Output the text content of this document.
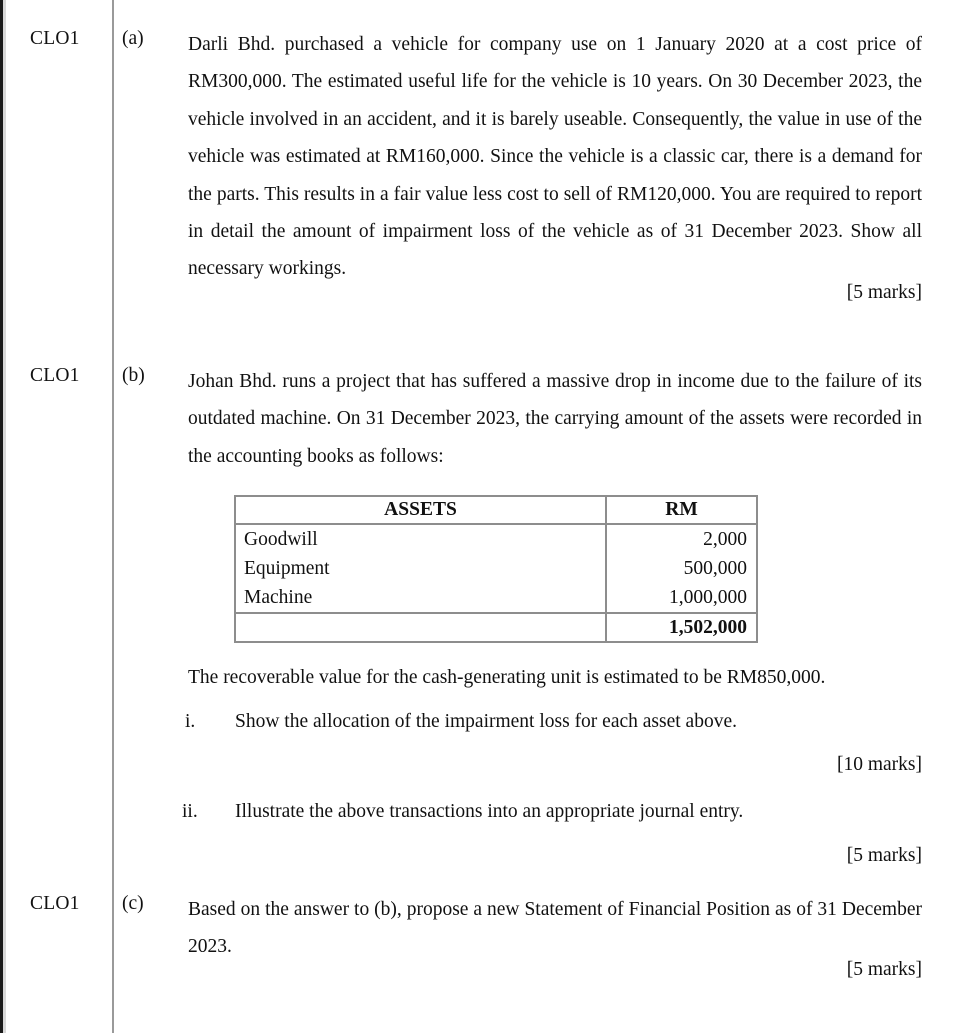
CLO1	(a)	Darli Bhd. purchased a vehicle for company use on 1 January 2020 at a cost price of RM300,000. The estimated useful life for the vehicle is 10 years. On 30 December 2023, the vehicle involved in an accident, and it is barely useable. Consequently, the value in use of the vehicle was estimated at RM160,000. Since the vehicle is a classic car, there is a demand for the parts. This results in a fair value less cost to sell of RM120,000. You are required to report in detail the amount of impairment loss of the vehicle as of 31 December 2023. Show all necessary workings.
[5 marks]
CLO1	(b)	Johan Bhd. runs a project that has suffered a massive drop in income due to the failure of its outdated machine. On 31 December 2023, the carrying amount of the assets were recorded in the accounting books as follows:
ASSETS	RM
Goodwill	2,000
Equipment	500,000
Machine	1,000,000
	1,502,000
The recoverable value for the cash-generating unit is estimated to be RM850,000.
i.	Show the allocation of the impairment loss for each asset above.
[10 marks]
ii.	Illustrate the above transactions into an appropriate journal entry.
[5 marks]
CLO1	(c)	Based on the answer to (b), propose a new Statement of Financial Position as of 31 December 2023.
[5 marks]
